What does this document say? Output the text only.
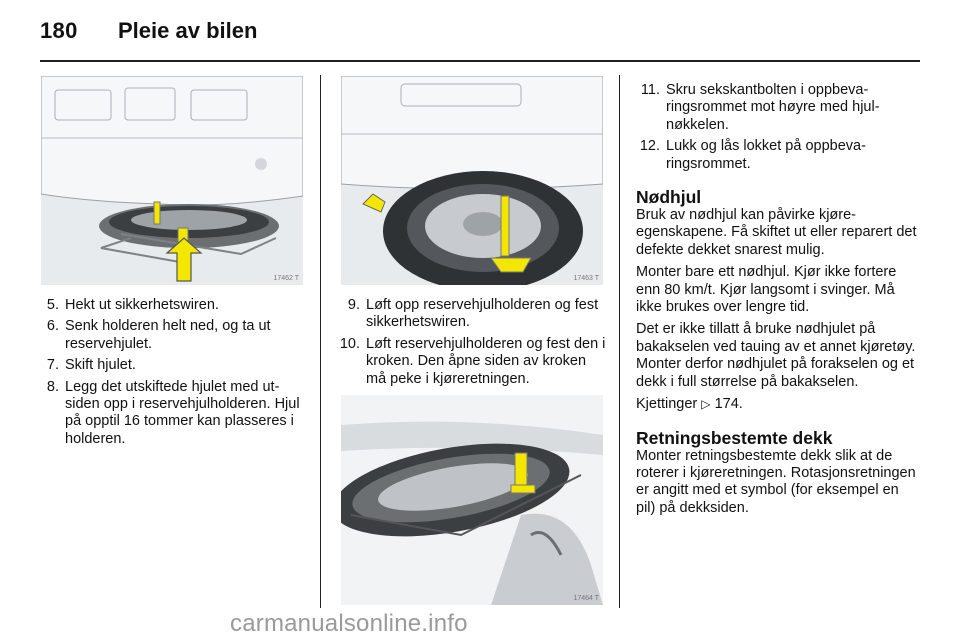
180 Pleie av bilen
17462 T	17463 T
17464 T
5. Hekt ut sikkerhetswiren.
6. Senk holderen helt ned, og ta ut reservehjulet.
7. Skift hjulet.
8. Legg det utskiftede hjulet med utsiden opp i reservehjulholderen. Hjul på opptil 16 tommer kan plasseres i holderen.
9. Løft opp reservehjulholderen og fest sikkerhetswiren.
10. Løft reservehjulholderen og fest den i kroken. Den åpne siden av kroken må peke i kjøreretningen.
11. Skru sekskantbolten i oppbevaringsrommet mot høyre med hjulnøkkelen.
12. Lukk og lås lokket på oppbevaringsrommet.
Nødhjul

Bruk av nødhjul kan påvirke kjøreegenskapene. Få skiftet ut eller reparert det defekte dekket snarest mulig.

Monter bare ett nødhjul. Kjør ikke fortere enn 80 km/t. Kjør langsomt i svinger. Må ikke brukes over lengre tid.

Det er ikke tillatt å bruke nødhjulet på bakakselen ved tauing av et annet kjøretøy. Monter derfor nødhjulet på forakselen og et dekk i full størrelse på bakakselen.

Kjettinger ▷ 174.

Retningsbestemte dekk

Monter retningsbestemte dekk slik at de roterer i kjøreretningen. Rotasjonsretningen er angitt med et symbol (for eksempel en pil) på dekksiden.

carmanualsonline.info
